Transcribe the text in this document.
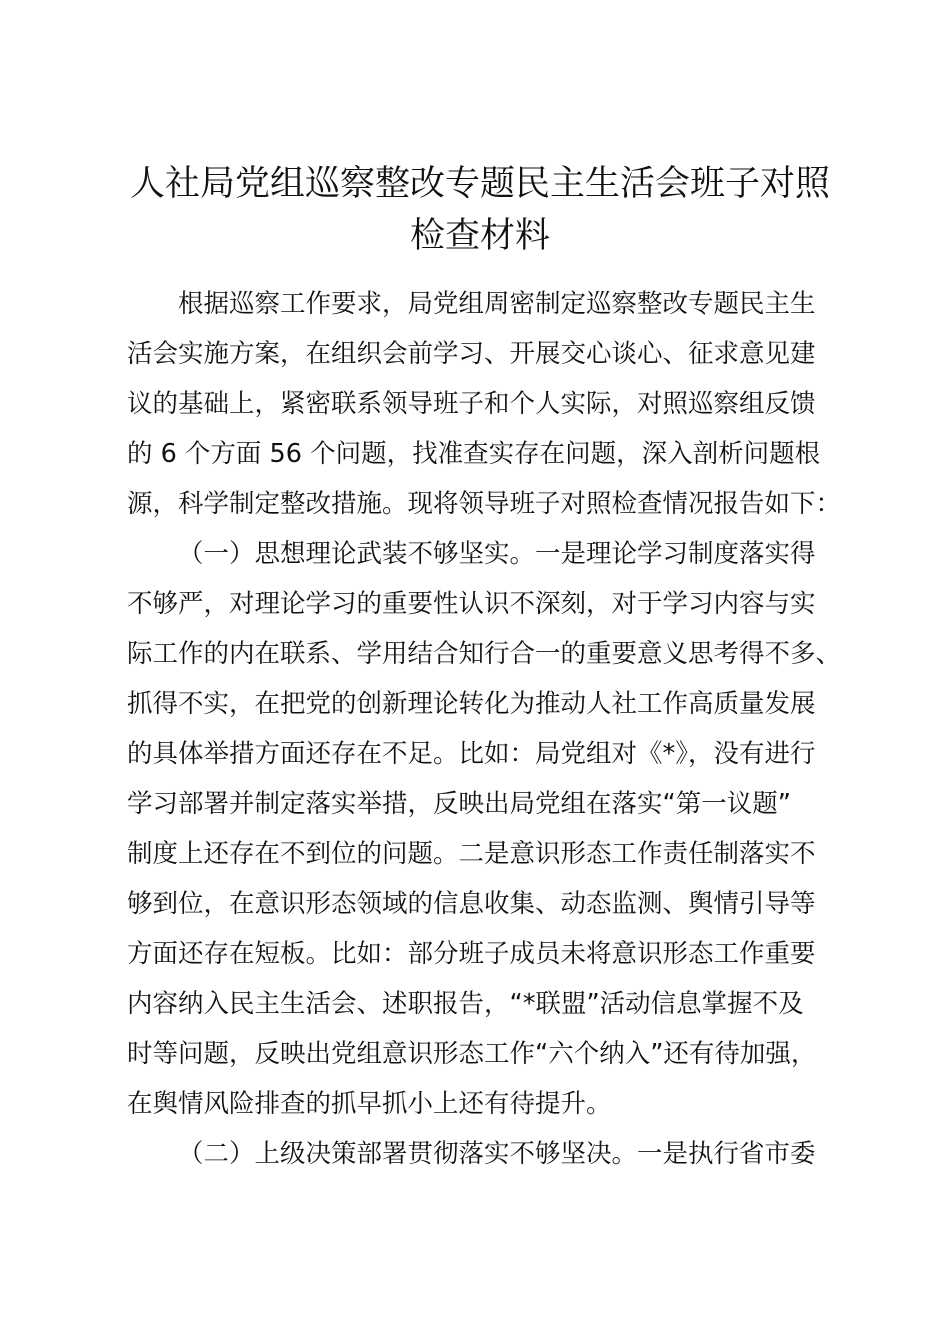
人社局党组巡察整改专题民主生活会班子对照
检查材料

根据巡察工作要求，局党组周密制定巡察整改专题民主生

活会实施方案，在组织会前学习、开展交心谈心、征求意见建

议的基础上，紧密联系领导班子和个人实际，对照巡察组反馈

的 6 个方面 56 个问题，找准查实存在问题，深入剖析问题根

源，科学制定整改措施。现将领导班子对照检查情况报告如下：

（一）思想理论武装不够坚实。一是理论学习制度落实得

不够严，对理论学习的重要性认识不深刻，对于学习内容与实

际工作的内在联系、学用结合知行合一的重要意义思考得不多、

抓得不实，在把党的创新理论转化为推动人社工作高质量发展

的具体举措方面还存在不足。比如：局党组对《*》，没有进行

学习部署并制定落实举措，反映出局党组在落实“第一议题”

制度上还存在不到位的问题。二是意识形态工作责任制落实不

够到位，在意识形态领域的信息收集、动态监测、舆情引导等

方面还存在短板。比如：部分班子成员未将意识形态工作重要

内容纳入民主生活会、述职报告，“*联盟”活动信息掌握不及

时等问题，反映出党组意识形态工作“六个纳入”还有待加强，

在舆情风险排查的抓早抓小上还有待提升。

（二）上级决策部署贯彻落实不够坚决。一是执行省市委
